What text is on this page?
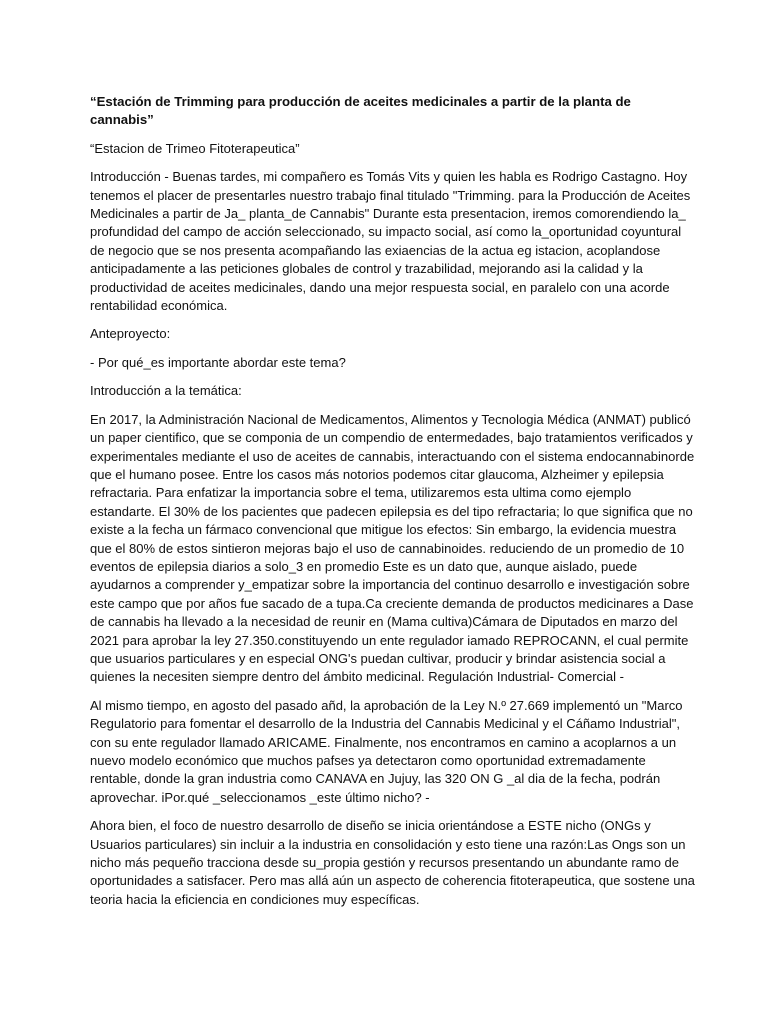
“Estación de Trimming para producción de aceites medicinales a partir de la planta de cannabis”

“Estacion de Trimeo Fitoterapeutica”

Introducción - Buenas tardes, mi compañero es Tomás Vits y quien les habla es Rodrigo Castagno. Hoy tenemos el placer de presentarles nuestro trabajo final titulado "Trimming. para la Producción de Aceites Medicinales a partir de Ja_ planta_de Cannabis" Durante esta presentacion, iremos comorendiendo la_ profundidad del campo de acción seleccionado, su impacto social, así como la_oportunidad coyuntural de negocio que se nos presenta acompañando las exiaencias de la actua eg istacion, acoplandose anticipadamente a las peticiones globales de control y trazabilidad, mejorando asi la calidad y la productividad de aceites medicinales, dando una mejor respuesta social, en paralelo con una acorde rentabilidad económica.

Anteproyecto:

- Por qué_es importante abordar este tema?

Introducción a la temática:

En 2017, la Administración Nacional de Medicamentos, Alimentos y Tecnologia Médica (ANMAT) publicó un paper cientifico, que se componia de un compendio de entermedades, bajo tratamientos verificados y experimentales mediante el uso de aceites de cannabis, interactuando con el sistema endocannabinorde que el humano posee. Entre los casos más notorios podemos citar glaucoma, Alzheimer y epilepsia refractaria. Para enfatizar la importancia sobre el tema, utilizaremos esta ultima como ejemplo estandarte. El 30% de los pacientes que padecen epilepsia es del tipo refractaria; lo que significa que no existe a la fecha un fármaco convencional que mitigue los efectos: Sin embargo, la evidencia muestra que el 80% de estos sintieron mejoras bajo el uso de cannabinoides. reduciendo de un promedio de 10 eventos de epilepsia diarios a solo_3 en promedio Este es un dato que, aunque aislado, puede ayudarnos a comprender y_empatizar sobre la importancia del continuo desarrollo e investigación sobre este campo que por años fue sacado de a tupa.Ca creciente demanda de productos medicinares a Dase de cannabis ha llevado a la necesidad de reunir en (Mama cultiva)Cámara de Diputados en marzo del 2021 para aprobar la ley 27.350.constituyendo un ente regulador iamado REPROCANN, el cual permite que usuarios particulares y en especial ONG's puedan cultivar, producir y brindar asistencia social a quienes la necesiten siempre dentro del ámbito medicinal. Regulación Industrial- Comercial -

Al mismo tiempo, en agosto del pasado añd, la aprobación de la Ley N.º 27.669 implementó un "Marco Regulatorio para fomentar el desarrollo de la Industria del Cannabis Medicinal y el Cáñamo Industrial", con su ente regulador llamado ARICAME. Finalmente, nos encontramos en camino a acoplarnos a un nuevo modelo económico que muchos pafses ya detectaron como oportunidad extremadamente rentable, donde la gran industria como CANAVA en Jujuy, las 320 ON G _al dia de la fecha, podrán aprovechar. iPor.qué _seleccionamos _este último nicho? -

Ahora bien, el foco de nuestro desarrollo de diseño se inicia orientándose a ESTE nicho (ONGs y Usuarios particulares) sin incluir a la industria en consolidación y esto tiene una razón:Las Ongs son un nicho más pequeño tracciona desde su_propia gestión y recursos presentando un abundante ramo de oportunidades a satisfacer. Pero mas allá aún un aspecto de coherencia fitoterapeutica, que sostene una teoria hacia la eficiencia en condiciones muy específicas.
